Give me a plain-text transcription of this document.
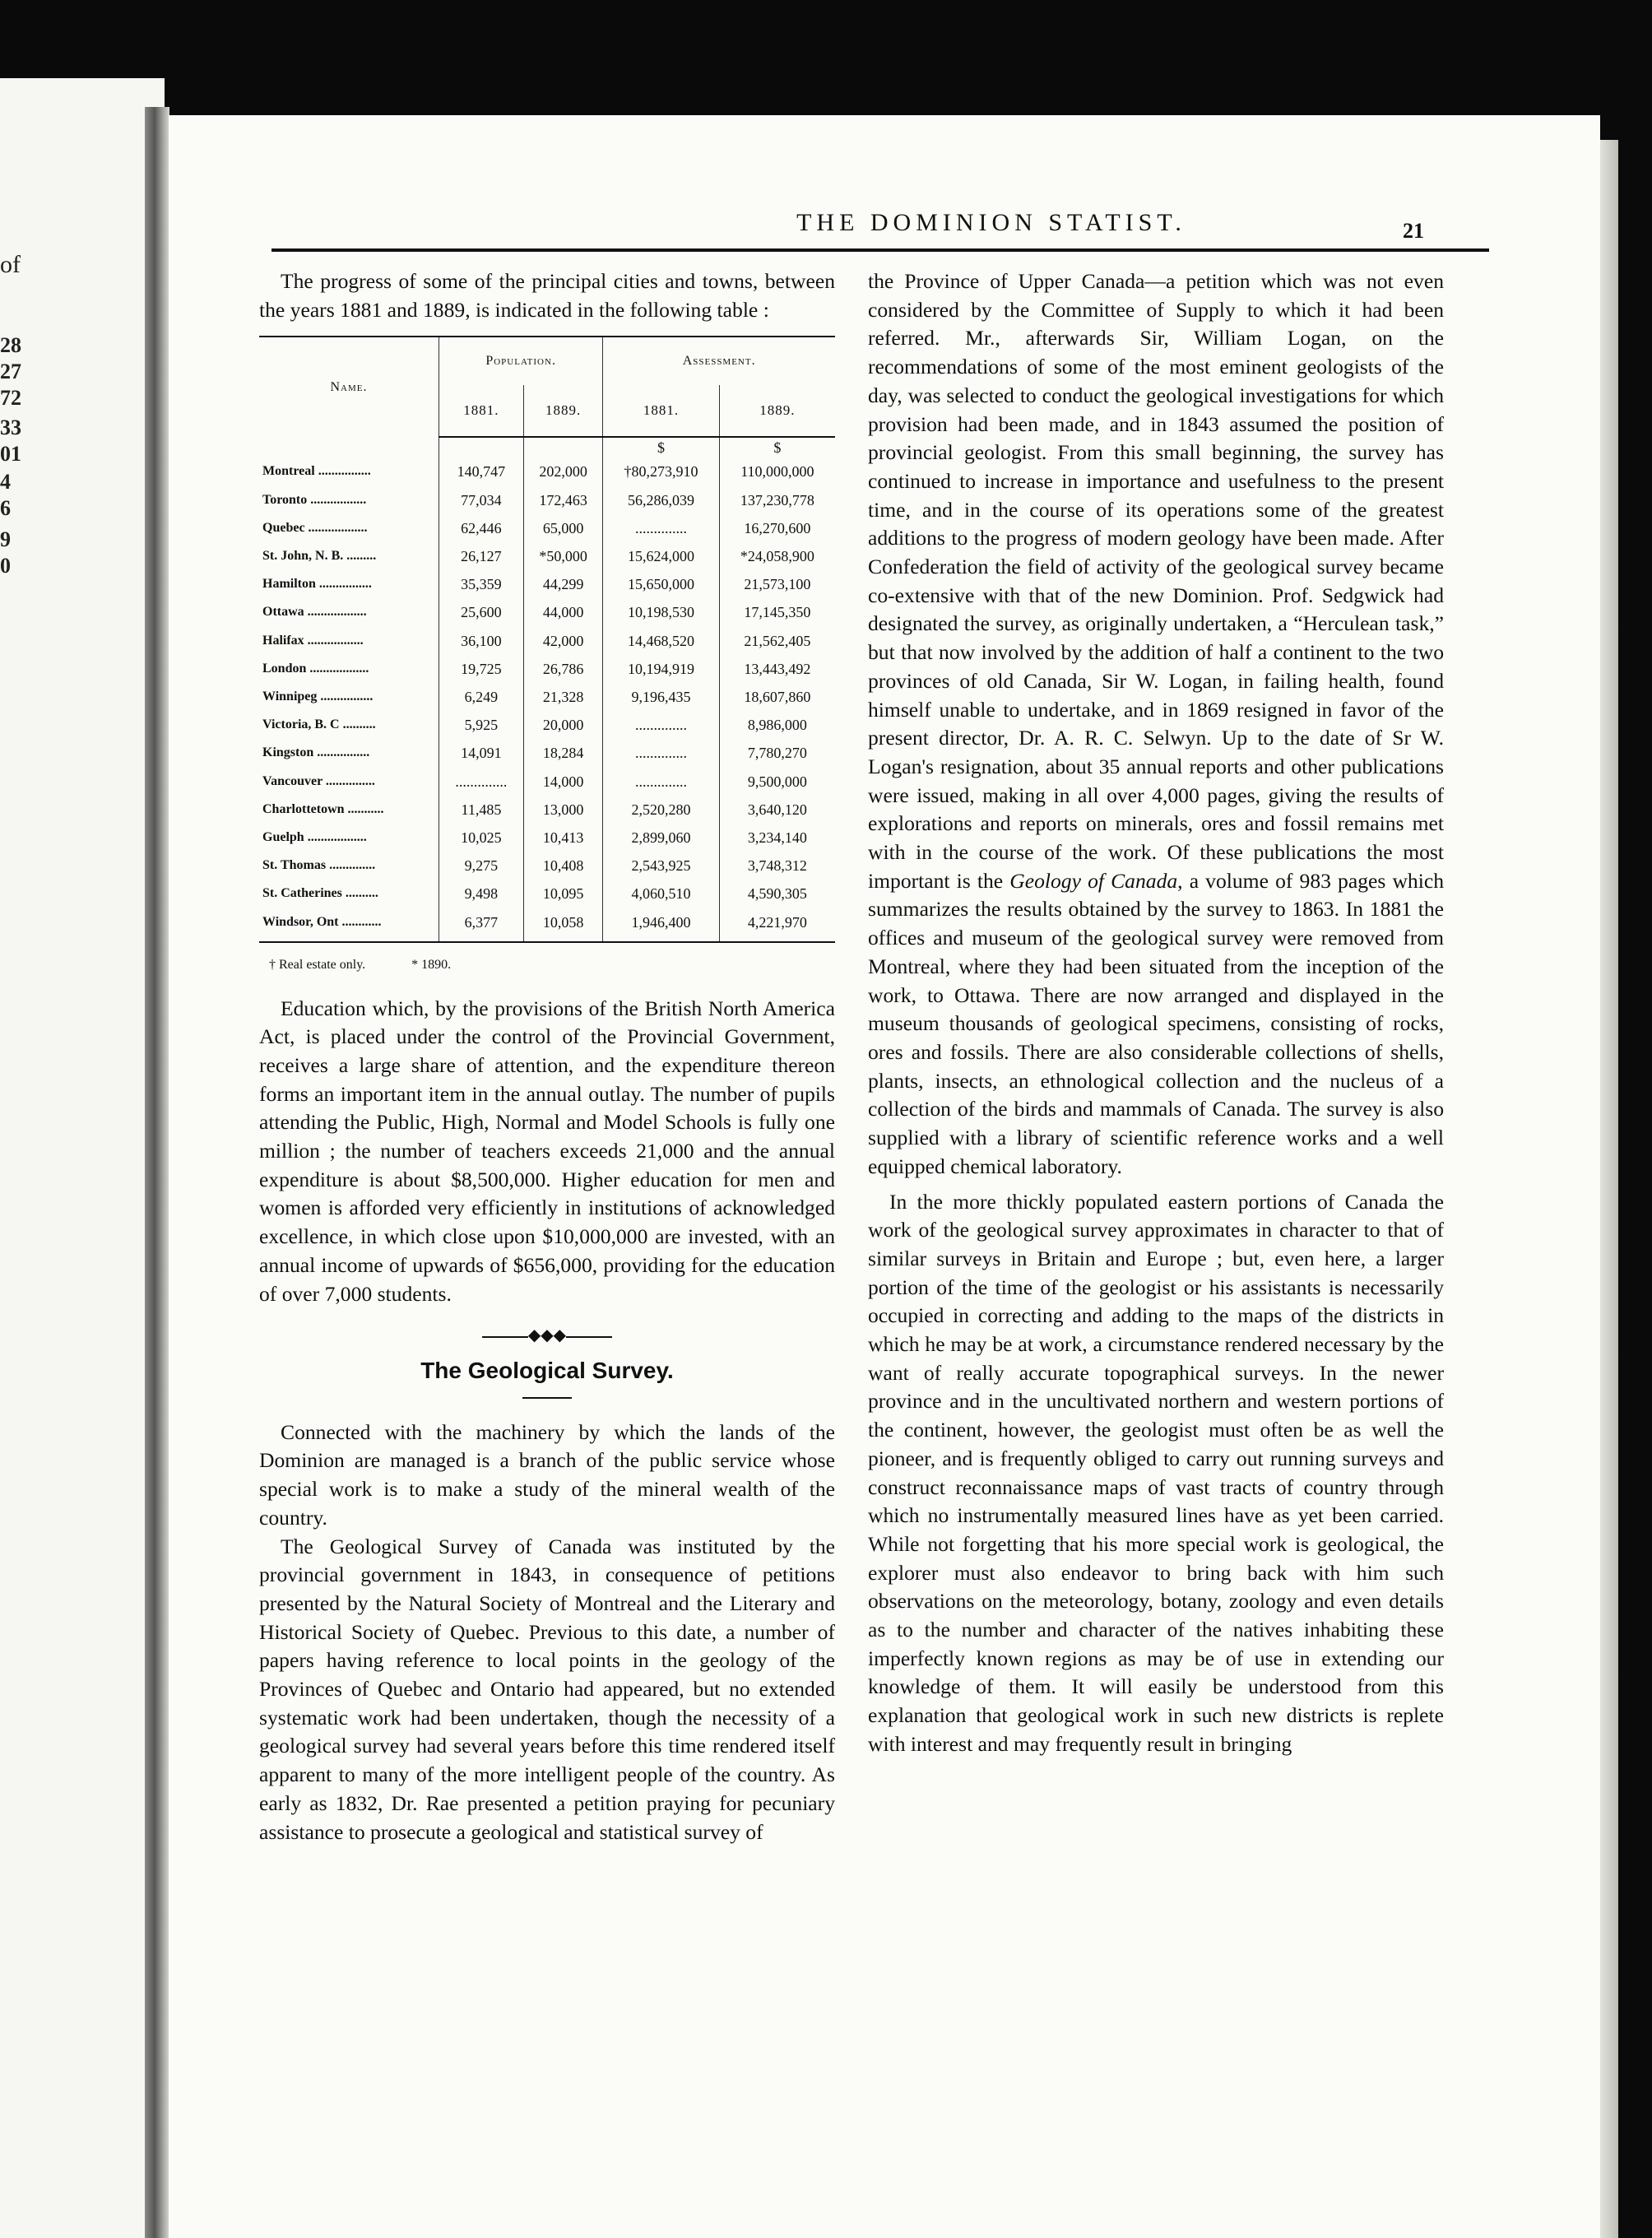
of
28
27
72
33
01
4
6
9
0
THE DOMINION STATIST.	21

The progress of some of the principal cities and towns, between the years 1881 and 1889, is indicated in the following table :

Name.	Population.		Assessment.	
	1881.	1889.	1881.	1889.
			$	$
Montreal ................	140,747	202,000	†80,273,910	110,000,000
Toronto .................	77,034	172,463	56,286,039	137,230,778
Quebec ..................	62,446	65,000	..............	16,270,600
St. John, N. B. .........	26,127	*50,000	15,624,000	*24,058,900
Hamilton ................	35,359	44,299	15,650,000	21,573,100
Ottawa ..................	25,600	44,000	10,198,530	17,145,350
Halifax .................	36,100	42,000	14,468,520	21,562,405
London ..................	19,725	26,786	10,194,919	13,443,492
Winnipeg ................	6,249	21,328	9,196,435	18,607,860
Victoria, B. C ..........	5,925	20,000	..............	8,986,000
Kingston ................	14,091	18,284	..............	7,780,270
Vancouver ...............	..............	14,000	..............	9,500,000
Charlottetown ...........	11,485	13,000	2,520,280	3,640,120
Guelph ..................	10,025	10,413	2,899,060	3,234,140
St. Thomas ..............	9,275	10,408	2,543,925	3,748,312
St. Catherines ..........	9,498	10,095	4,060,510	4,590,305
Windsor, Ont ............	6,377	10,058	1,946,400	4,221,970
† Real estate only.	* 1890.

Education which, by the provisions of the British North America Act, is placed under the control of the Provincial Government, receives a large share of attention, and the expenditure thereon forms an important item in the annual outlay. The number of pupils attending the Public, High, Normal and Model Schools is fully one million ; the number of teachers exceeds 21,000 and the annual expenditure is about $8,500,000. Higher education for men and women is afforded very efficiently in institutions of acknowledged excellence, in which close upon $10,000,000 are invested, with an annual income of upwards of $656,000, providing for the education of over 7,000 students.

◆◆◆
The Geological Survey.

Connected with the machinery by which the lands of the Dominion are managed is a branch of the public service whose special work is to make a study of the mineral wealth of the country.

The Geological Survey of Canada was instituted by the provincial government in 1843, in consequence of petitions presented by the Natural Society of Montreal and the Literary and Historical Society of Quebec. Previous to this date, a number of papers having reference to local points in the geology of the Provinces of Quebec and Ontario had appeared, but no extended systematic work had been undertaken, though the necessity of a geological survey had several years before this time rendered itself apparent to many of the more intelligent people of the country. As early as 1832, Dr. Rae presented a petition praying for pecuniary assistance to prosecute a geological and statistical survey of

the Province of Upper Canada—a petition which was not even considered by the Committee of Supply to which it had been referred. Mr., afterwards Sir, William Logan, on the recommendations of some of the most eminent geologists of the day, was selected to conduct the geological investigations for which provision had been made, and in 1843 assumed the position of provincial geologist. From this small beginning, the survey has continued to increase in importance and usefulness to the present time, and in the course of its operations some of the greatest additions to the progress of modern geology have been made. After Confederation the field of activity of the geological survey became co-extensive with that of the new Dominion. Prof. Sedgwick had designated the survey, as originally undertaken, a “Herculean task,” but that now involved by the addition of half a continent to the two provinces of old Canada, Sir W. Logan, in failing health, found himself unable to undertake, and in 1869 resigned in favor of the present director, Dr. A. R. C. Selwyn. Up to the date of Sr W. Logan's resignation, about 35 annual reports and other publications were issued, making in all over 4,000 pages, giving the results of explorations and reports on minerals, ores and fossil remains met with in the course of the work. Of these publications the most important is the Geology of Canada, a volume of 983 pages which summarizes the results obtained by the survey to 1863. In 1881 the offices and museum of the geological survey were removed from Montreal, where they had been situated from the inception of the work, to Ottawa. There are now arranged and displayed in the museum thousands of geological specimens, consisting of rocks, ores and fossils. There are also considerable collections of shells, plants, insects, an ethnological collection and the nucleus of a collection of the birds and mammals of Canada. The survey is also supplied with a library of scientific reference works and a well equipped chemical laboratory.

In the more thickly populated eastern portions of Canada the work of the geological survey approximates in character to that of similar surveys in Britain and Europe ; but, even here, a larger portion of the time of the geologist or his assistants is necessarily occupied in correcting and adding to the maps of the districts in which he may be at work, a circumstance rendered necessary by the want of really accurate topographical surveys. In the newer province and in the uncultivated northern and western portions of the continent, however, the geologist must often be as well the pioneer, and is frequently obliged to carry out running surveys and construct reconnaissance maps of vast tracts of country through which no instrumentally measured lines have as yet been carried. While not forgetting that his more special work is geological, the explorer must also endeavor to bring back with him such observations on the meteorology, botany, zoology and even details as to the number and character of the natives inhabiting these imperfectly known regions as may be of use in extending our knowledge of them. It will easily be understood from this explanation that geological work in such new districts is replete with interest and may frequently result in bringing
